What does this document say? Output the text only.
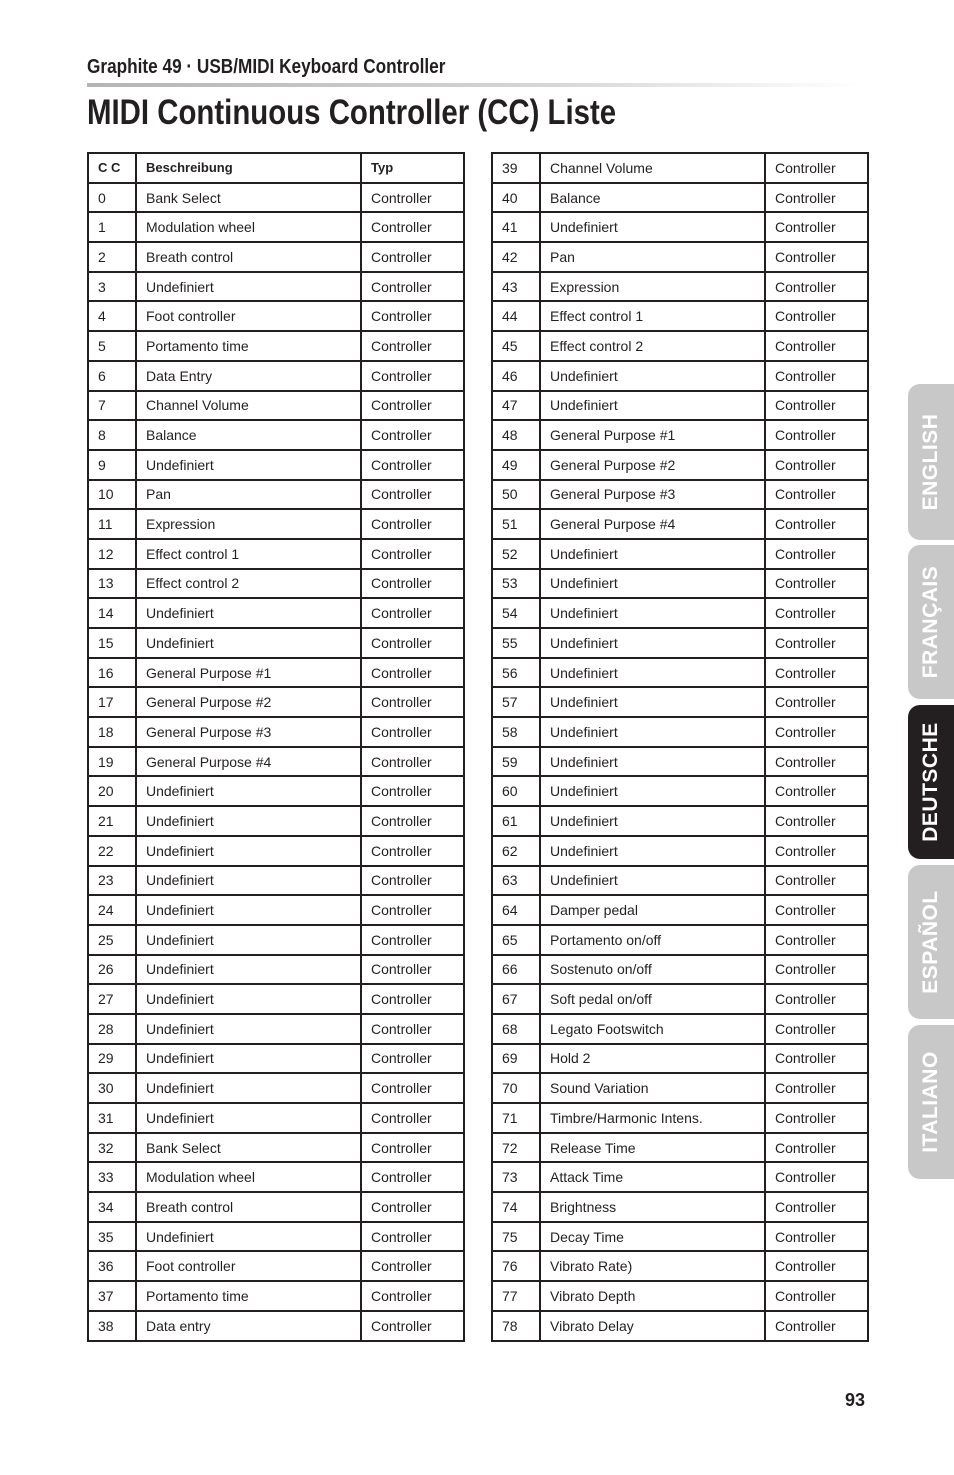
Graphite 49 · USB/MIDI Keyboard Controller
MIDI Continuous Controller (CC) Liste
C C	Beschreibung	Typ
0	Bank Select	Controller
1	Modulation wheel	Controller
2	Breath control	Controller
3	Undefiniert	Controller
4	Foot controller	Controller
5	Portamento time	Controller
6	Data Entry	Controller
7	Channel Volume	Controller
8	Balance	Controller
9	Undefiniert	Controller
10	Pan	Controller
11	Expression	Controller
12	Effect control 1	Controller
13	Effect control 2	Controller
14	Undefiniert	Controller
15	Undefiniert	Controller
16	General Purpose #1	Controller
17	General Purpose #2	Controller
18	General Purpose #3	Controller
19	General Purpose #4	Controller
20	Undefiniert	Controller
21	Undefiniert	Controller
22	Undefiniert	Controller
23	Undefiniert	Controller
24	Undefiniert	Controller
25	Undefiniert	Controller
26	Undefiniert	Controller
27	Undefiniert	Controller
28	Undefiniert	Controller
29	Undefiniert	Controller
30	Undefiniert	Controller
31	Undefiniert	Controller
32	Bank Select	Controller
33	Modulation wheel	Controller
34	Breath control	Controller
35	Undefiniert	Controller
36	Foot controller	Controller
37	Portamento time	Controller
38	Data entry	Controller
39	Channel Volume	Controller
40	Balance	Controller
41	Undefiniert	Controller
42	Pan	Controller
43	Expression	Controller
44	Effect control 1	Controller
45	Effect control 2	Controller
46	Undefiniert	Controller
47	Undefiniert	Controller
48	General Purpose #1	Controller
49	General Purpose #2	Controller
50	General Purpose #3	Controller
51	General Purpose #4	Controller
52	Undefiniert	Controller
53	Undefiniert	Controller
54	Undefiniert	Controller
55	Undefiniert	Controller
56	Undefiniert	Controller
57	Undefiniert	Controller
58	Undefiniert	Controller
59	Undefiniert	Controller
60	Undefiniert	Controller
61	Undefiniert	Controller
62	Undefiniert	Controller
63	Undefiniert	Controller
64	Damper pedal	Controller
65	Portamento on/off	Controller
66	Sostenuto on/off	Controller
67	Soft pedal on/off	Controller
68	Legato Footswitch	Controller
69	Hold 2	Controller
70	Sound Variation	Controller
71	Timbre/Harmonic Intens.	Controller
72	Release Time	Controller
73	Attack Time	Controller
74	Brightness	Controller
75	Decay Time	Controller
76	Vibrato Rate)	Controller
77	Vibrato Depth	Controller
78	Vibrato Delay	Controller
ENGLISH
FRANÇAIS
DEUTSCHE
ESPAÑOL
ITALIANO
93
